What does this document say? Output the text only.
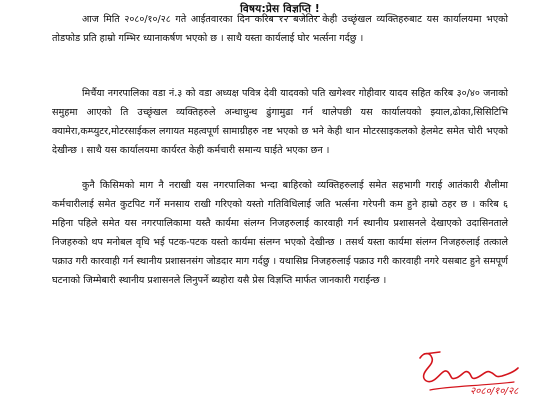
विषय:प्रेस विज्ञप्ति !

आज मिति २०८०/१०/२८ गते आईतवारका दिन करिब १२ बजेतिर केही उच्छृंखल व्यक्तिहरुबाट यस कार्यालयमा भएको तोडफोड प्रति हाम्रो गम्भिर ध्यानाकर्षण भएको छ । साथै यस्ता कार्यलाई घोर भर्त्सना गर्दछु ।

मिर्चैया नगरपालिका वडा नं.३ को वडा अध्यक्ष पवित्र देवी यादवको पति खगेश्वर गोहीवार यादव सहित करिब ३०/४० जनाको समुहमा आएको ति उच्छृंखल व्यक्तिहरुले अन्धाधुन्ध ढुंगामुढा गर्न थालेपछी यस कार्यालयको झ्याल,ढोका,सिसिटिभि क्यामेरा,कम्प्युटर,मोटरसाईकल लगायत महत्वपूर्ण सामाग्रीहरु नष्ट भएको छ भने केही थान मोटरसाइकलको हेलमेट समेत चोरी भएको देखीन्छ । साथै यस कार्यालयमा कार्यरत केही कर्मचारी समान्य घाईते भएका छन ।

कुनै किसिमको माग नै नराखी यस नगरपालिका भन्दा बाहिरको व्यक्तिहरुलाई समेत सहभागी गराई आतंकारी शैलीमा कर्मचारीलाई समेत कुटपिट गर्ने मनसाय राखी गरिएको यस्तो गतिविधिलाई जति भर्त्सना गरेपनी कम हुने हाम्रो ठहर छ । करिब ६ महिना पहिले समेत यस नगरपालिकामा यस्तै कार्यमा संलग्न निजहरुलाई कारवाही गर्न स्थानीय प्रशासनले देखाएको उदासिनताले निजहरुको थप मनोबल वृधि भई पटक-पटक यस्तो कार्यमा संलग्न भएको देखीन्छ । तसर्थ यस्ता कार्यमा संलग्न निजहरुलाई तत्काले पक्राउ गरी कारवाही गर्न स्थानीय प्रशासनसंग जोडदार माग गर्दछु । यथासिघ्र निजहरुलाई पक्राउ गरी कारवाही नगरे यसबाट हुने समपूर्ण घटनाको जिम्मेबारी स्थानीय प्रशासनले लिनुपर्ने ब्यहोरा यसै प्रेस विज्ञप्ति मार्फत जानकारी गराईन्छ ।

२०८०/१०/२८
